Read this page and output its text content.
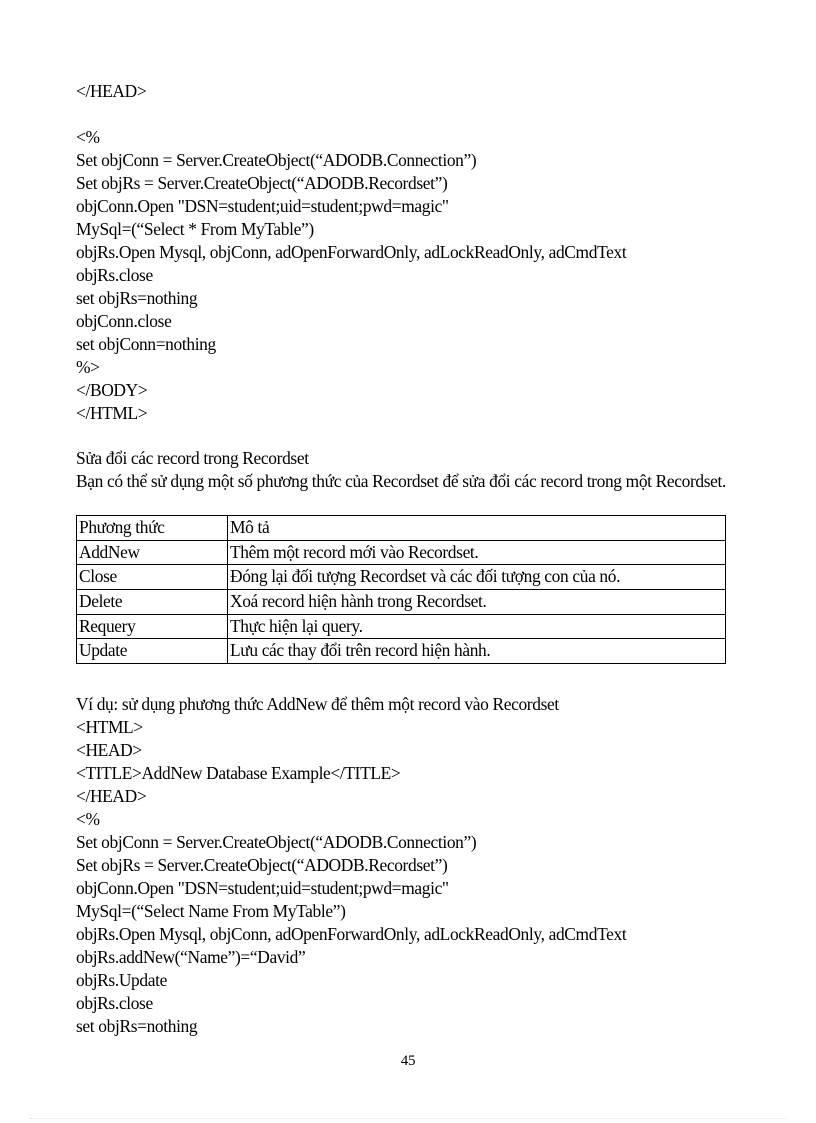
</HEAD>
<%
Set objConn = Server.CreateObject(“ADODB.Connection”)
Set objRs = Server.CreateObject(“ADODB.Recordset”)
objConn.Open "DSN=student;uid=student;pwd=magic"
MySql=(“Select * From MyTable”)
objRs.Open Mysql, objConn, adOpenForwardOnly, adLockReadOnly, adCmdText
objRs.close
set objRs=nothing
objConn.close
set objConn=nothing
%>
</BODY>
</HTML>
Sửa đổi các record trong Recordset
Bạn có thể sử dụng một số phương thức của Recordset để sửa đổi các record trong một Recordset.
Phương thức	Mô tả
AddNew	Thêm một record mới vào Recordset.
Close	Đóng lại đối tượng Recordset và các đối tượng con của nó.
Delete	Xoá record hiện hành trong Recordset.
Requery	Thực hiện lại query.
Update	Lưu các thay đổi trên record hiện hành.
Ví dụ: sử dụng phương thức AddNew để thêm một record vào Recordset
<HTML>
<HEAD>
<TITLE>AddNew Database Example</TITLE>
</HEAD>
<%
Set objConn = Server.CreateObject(“ADODB.Connection”)
Set objRs = Server.CreateObject(“ADODB.Recordset”)
objConn.Open "DSN=student;uid=student;pwd=magic"
MySql=(“Select Name From MyTable”)
objRs.Open Mysql, objConn, adOpenForwardOnly, adLockReadOnly, adCmdText
objRs.addNew(“Name”)=“David”
objRs.Update
objRs.close
set objRs=nothing
45
